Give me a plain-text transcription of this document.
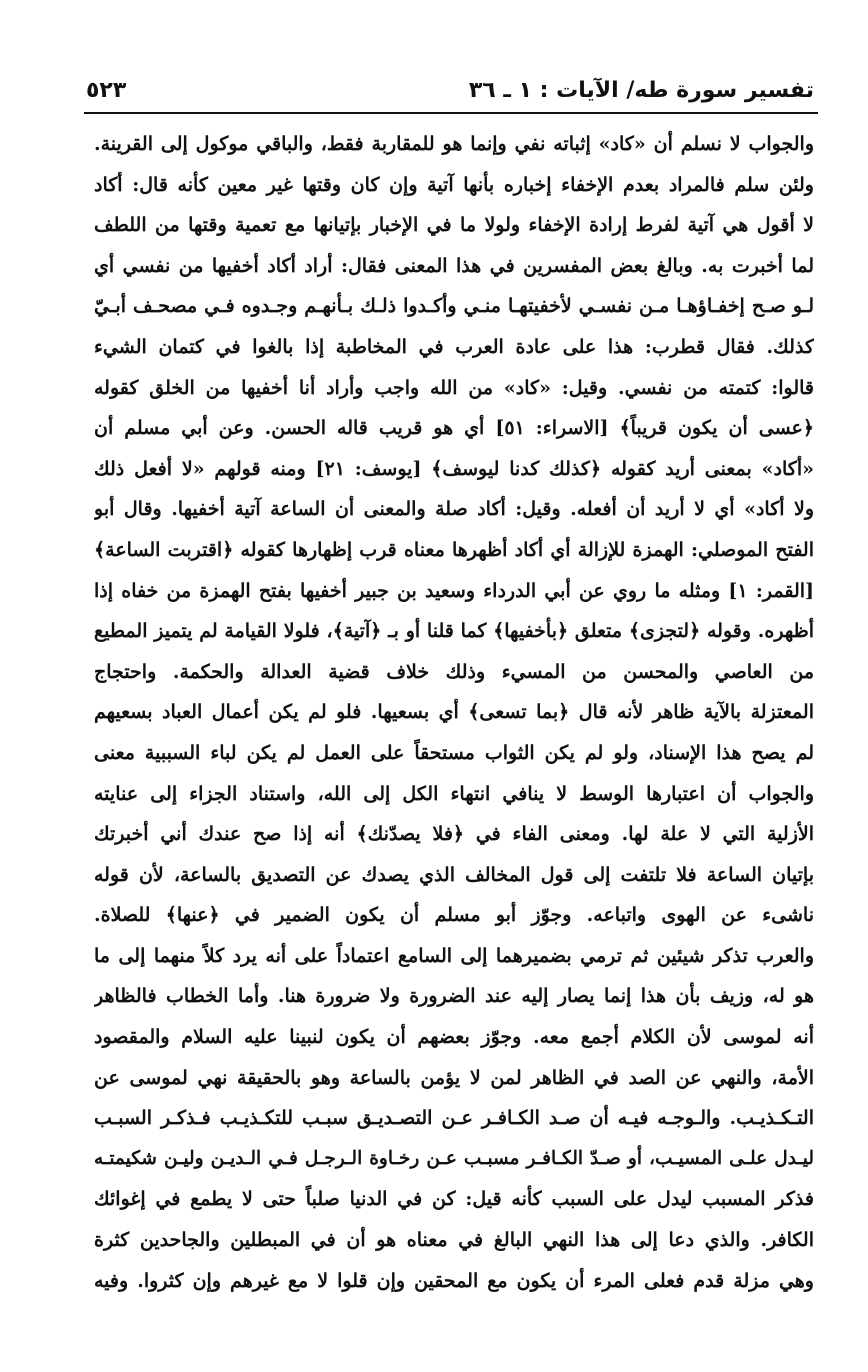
٥٢٣	تفسير سورة طه/ الآيات : ١ ـ ٣٦
والجواب لا نسلم أن «كاد» إثباته نفي وإنما هو للمقاربة فقط، والباقي موكول إلى القرينة.
ولئن سلم فالمراد بعدم الإخفاء إخباره بأنها آتية وإن كان وقتها غير معين كأنه قال: أكاد
لا أقول هي آتية لفرط إرادة الإخفاء ولولا ما في الإخبار بإتيانها مع تعمية وقتها من اللطف
لما أخبرت به. وبالغ بعض المفسرين في هذا المعنى فقال: أراد أكاد أخفيها من نفسي أي
لـو صـح إخفـاؤهـا مـن نفسـي لأخفيتهـا منـي وأكـدوا ذلـك بـأنهـم وجـدوه فـي مصحـف أبـيّ
كذلك. فقال قطرب: هذا على عادة العرب في المخاطبة إذا بالغوا في كتمان الشيء
قالوا: كتمته من نفسي. وقيل: «كاد» من الله واجب وأراد أنا أخفيها من الخلق كقوله
﴿عسى أن يكون قريباً﴾ [الاسراء: ٥١] أي هو قريب قاله الحسن. وعن أبي مسلم أن
«أكاد» بمعنى أريد كقوله ﴿كذلك كدنا ليوسف﴾ [يوسف: ٢١] ومنه قولهم «لا أفعل ذلك
ولا أكاد» أي لا أريد أن أفعله. وقيل: أكاد صلة والمعنى أن الساعة آتية أخفيها. وقال أبو
الفتح الموصلي: الهمزة للإزالة أي أكاد أظهرها معناه قرب إظهارها كقوله ﴿اقتربت الساعة﴾
[القمر: ١] ومثله ما روي عن أبي الدرداء وسعيد بن جبير أخفيها بفتح الهمزة من خفاه إذا
أظهره. وقوله ﴿لتجزى﴾ متعلق ﴿بأخفيها﴾ كما قلنا أو بـ ﴿آتية﴾، فلولا القيامة لم يتميز المطيع
من العاصي والمحسن من المسيء وذلك خلاف قضية العدالة والحكمة. واحتجاج
المعتزلة بالآية ظاهر لأنه قال ﴿بما تسعى﴾ أي بسعيها. فلو لم يكن أعمال العباد بسعيهم
لم يصح هذا الإسناد، ولو لم يكن الثواب مستحقاً على العمل لم يكن لباء السببية معنى
والجواب أن اعتبارها الوسط لا ينافي انتهاء الكل إلى الله، واستناد الجزاء إلى عنايته
الأزلية التي لا علة لها. ومعنى الفاء في ﴿فلا يصدّنك﴾ أنه إذا صح عندك أني أخبرتك
بإتيان الساعة فلا تلتفت إلى قول المخالف الذي يصدك عن التصديق بالساعة، لأن قوله
ناشىء عن الهوى واتباعه. وجوّز أبو مسلم أن يكون الضمير في ﴿عنها﴾ للصلاة.
والعرب تذكر شيئين ثم ترمي بضميرهما إلى السامع اعتماداً على أنه يرد كلاً منهما إلى ما
هو له، وزيف بأن هذا إنما يصار إليه عند الضرورة ولا ضرورة هنا. وأما الخطاب فالظاهر
أنه لموسى لأن الكلام أجمع معه. وجوّز بعضهم أن يكون لنبينا عليه السلام والمقصود
الأمة، والنهي عن الصد في الظاهر لمن لا يؤمن بالساعة وهو بالحقيقة نهي لموسى عن
التـكـذيـب. والـوجـه فيـه أن صـد الكـافـر عـن التصـديـق سبـب للتكـذيـب فـذكـر السبـب
ليـدل علـى المسيـب، أو صـدّ الكـافـر مسبـب عـن رخـاوة الـرجـل فـي الـديـن وليـن شكيمتـه
فذكر المسبب ليدل على السبب كأنه قيل: كن في الدنيا صلباً حتى لا يطمع في إغوائك
الكافر. والذي دعا إلى هذا النهي البالغ في معناه هو أن في المبطلين والجاحدين كثرة
وهي مزلة قدم فعلى المرء أن يكون مع المحقين وإن قلوا لا مع غيرهم وإن كثروا. وفيه
